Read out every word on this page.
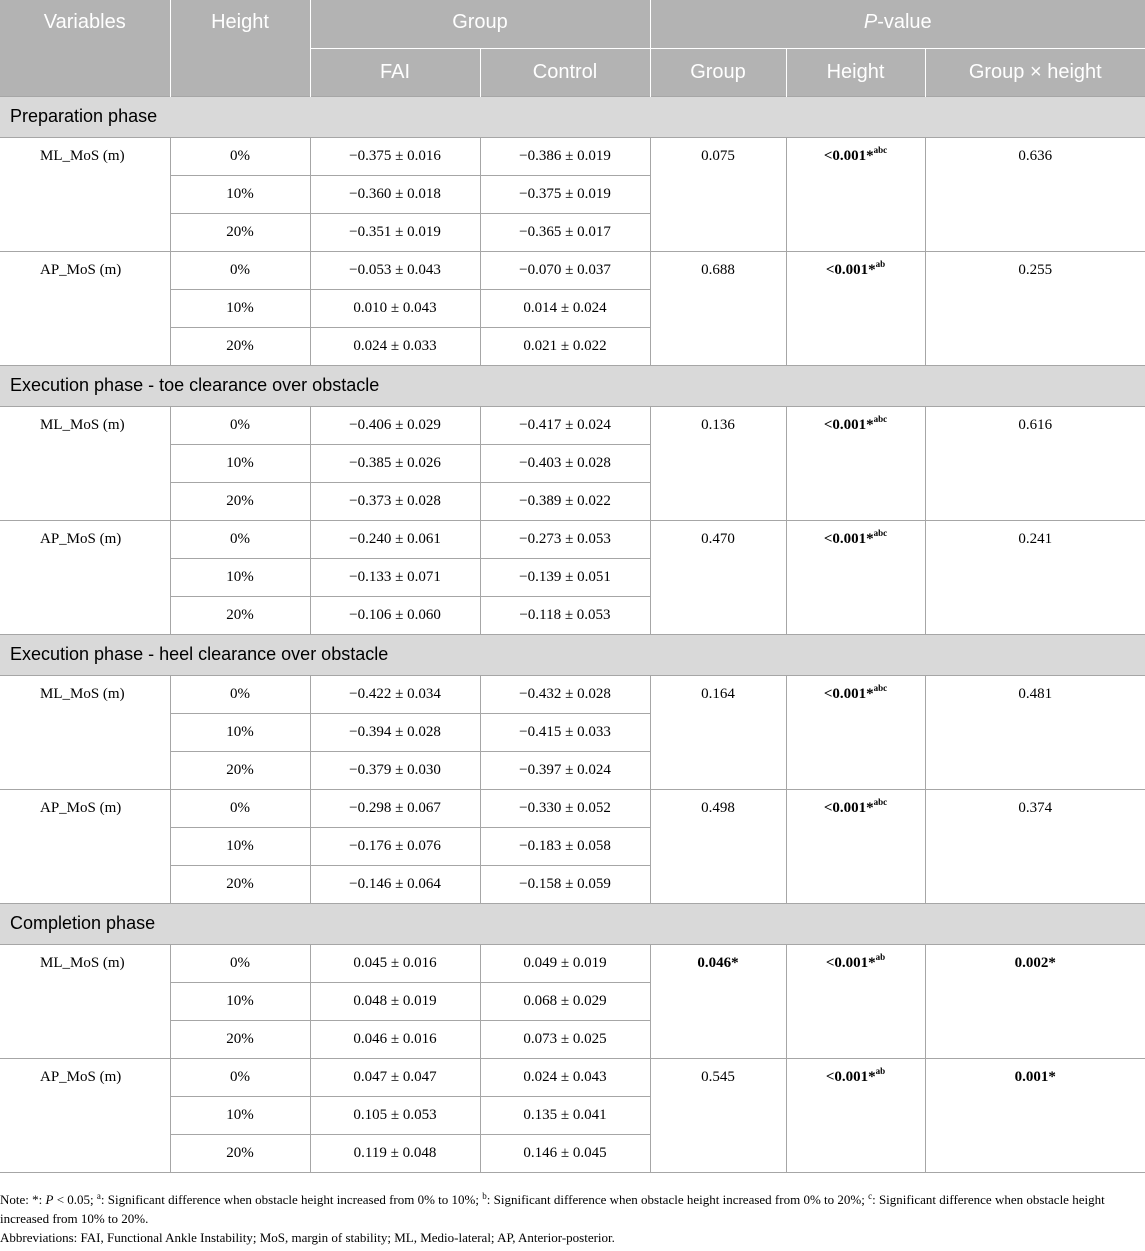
Variables	Height	Group		P-value		
		FAI	Control	Group	Height	Group × height
Preparation phase						
ML_MoS (m)	0%	−0.375 ± 0.016	−0.386 ± 0.019	0.075	<0.001*$^{abc}$	0.636
	10%	−0.360 ± 0.018	−0.375 ± 0.019			
	20%	−0.351 ± 0.019	−0.365 ± 0.017			
AP_MoS (m)	0%	−0.053 ± 0.043	−0.070 ± 0.037	0.688	<0.001*$^{ab}$	0.255
	10%	0.010 ± 0.043	0.014 ± 0.024			
	20%	0.024 ± 0.033	0.021 ± 0.022			
Execution phase - toe clearance over obstacle						
ML_MoS (m)	0%	−0.406 ± 0.029	−0.417 ± 0.024	0.136	<0.001*$^{abc}$	0.616
	10%	−0.385 ± 0.026	−0.403 ± 0.028			
	20%	−0.373 ± 0.028	−0.389 ± 0.022			
AP_MoS (m)	0%	−0.240 ± 0.061	−0.273 ± 0.053	0.470	<0.001*$^{abc}$	0.241
	10%	−0.133 ± 0.071	−0.139 ± 0.051			
	20%	−0.106 ± 0.060	−0.118 ± 0.053			
Execution phase - heel clearance over obstacle						
ML_MoS (m)	0%	−0.422 ± 0.034	−0.432 ± 0.028	0.164	<0.001*$^{abc}$	0.481
	10%	−0.394 ± 0.028	−0.415 ± 0.033			
	20%	−0.379 ± 0.030	−0.397 ± 0.024			
AP_MoS (m)	0%	−0.298 ± 0.067	−0.330 ± 0.052	0.498	<0.001*$^{abc}$	0.374
	10%	−0.176 ± 0.076	−0.183 ± 0.058			
	20%	−0.146 ± 0.064	−0.158 ± 0.059			
Completion phase						
ML_MoS (m)	0%	0.045 ± 0.016	0.049 ± 0.019	0.046*	<0.001*$^{ab}$	0.002*
	10%	0.048 ± 0.019	0.068 ± 0.029			
	20%	0.046 ± 0.016	0.073 ± 0.025			
AP_MoS (m)	0%	0.047 ± 0.047	0.024 ± 0.043	0.545	<0.001*$^{ab}$	0.001*
	10%	0.105 ± 0.053	0.135 ± 0.041			
	20%	0.119 ± 0.048	0.146 ± 0.045			

Note: *: P < 0.05; $^a$: Significant difference when obstacle height increased from 0% to 10%; $^b$: Significant difference when obstacle height increased from 0% to 20%; $^c$: Significant difference when obstacle height increased from 10% to 20%.

Abbreviations: FAI, Functional Ankle Instability; MoS, margin of stability; ML, Medio-lateral; AP, Anterior-posterior.
